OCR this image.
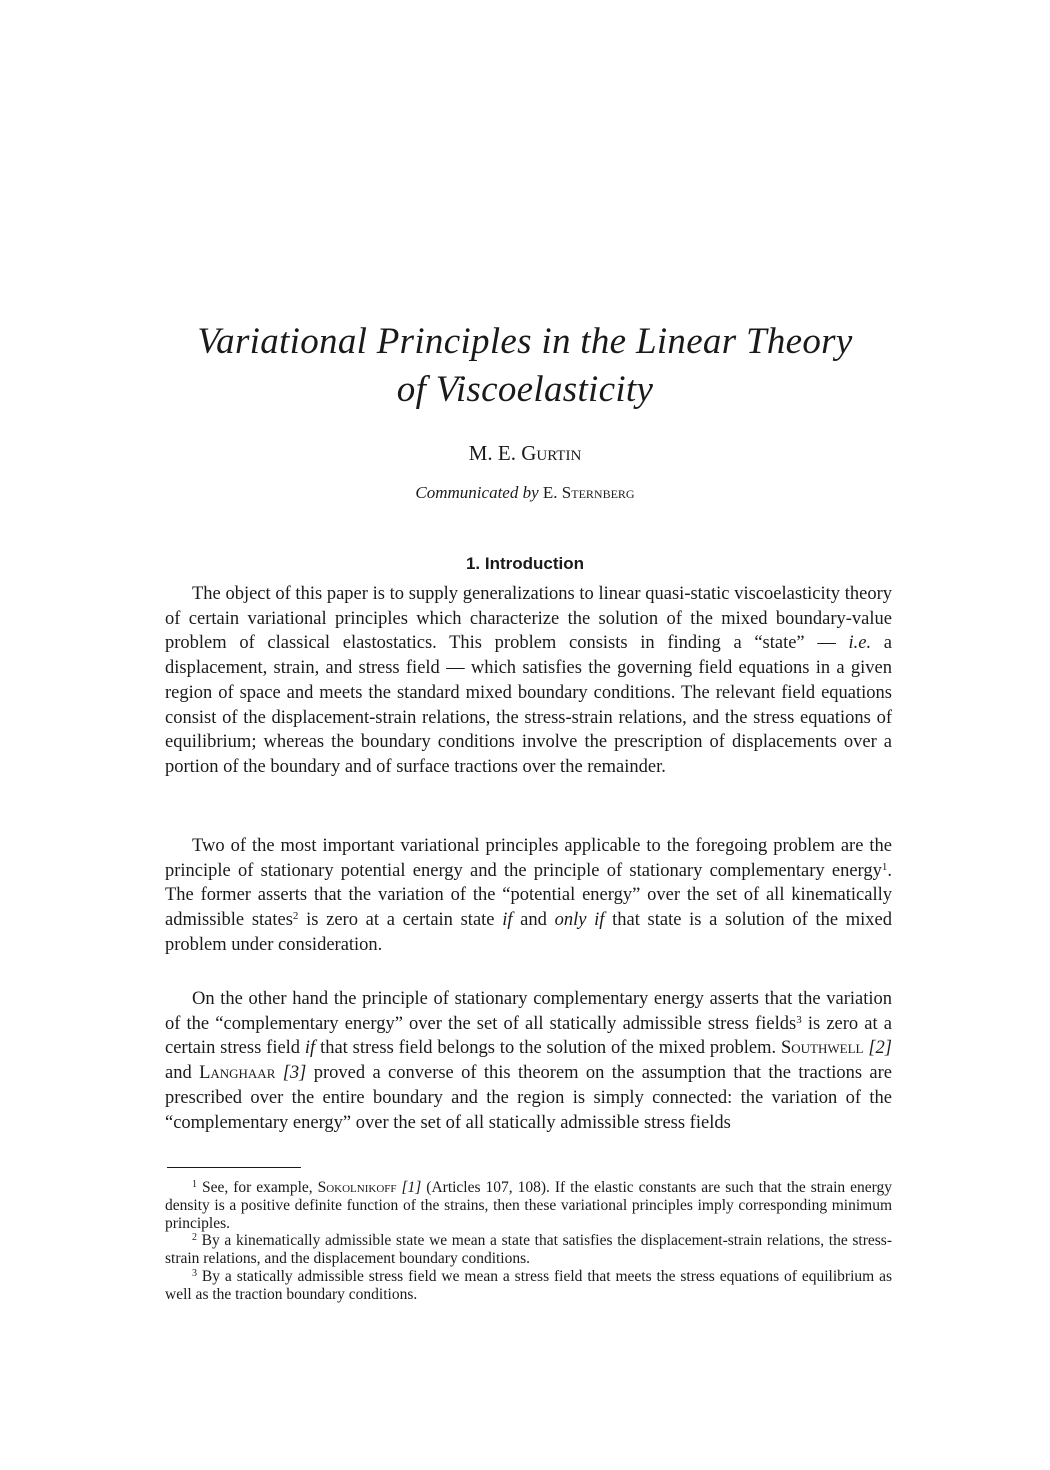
Variational Principles in the Linear Theory
of Viscoelasticity
M. E. Gurtin
Communicated by E. Sternberg
1. Introduction

The object of this paper is to supply generalizations to linear quasi-static viscoelasticity theory of certain variational principles which characterize the solution of the mixed boundary-value problem of classical elastostatics. This problem consists in finding a “state” — i.e. a displacement, strain, and stress field — which satisfies the governing field equations in a given region of space and meets the standard mixed boundary conditions. The relevant field equations consist of the displacement-strain relations, the stress-strain relations, and the stress equations of equilibrium; whereas the boundary conditions involve the prescription of displacements over a portion of the boundary and of surface tractions over the remainder.

Two of the most important variational principles applicable to the foregoing problem are the principle of stationary potential energy and the principle of stationary complementary energy$^1$. The former asserts that the variation of the “potential energy” over the set of all kinematically admissible states$^2$ is zero at a certain state if and only if that state is a solution of the mixed problem under consideration.

On the other hand the principle of stationary complementary energy asserts that the variation of the “complementary energy” over the set of all statically admissible stress fields$^3$ is zero at a certain stress field if that stress field belongs to the solution of the mixed problem. Southwell [2] and Langhaar [3] proved a converse of this theorem on the assumption that the tractions are prescribed over the entire boundary and the region is simply connected: the variation of the “complementary energy” over the set of all statically admissible stress fields

$^1$ See, for example, Sokolnikoff [1] (Articles 107, 108). If the elastic constants are such that the strain energy density is a positive definite function of the strains, then these variational principles imply corresponding minimum principles.

$^2$ By a kinematically admissible state we mean a state that satisfies the displacement-strain relations, the stress-strain relations, and the displacement boundary conditions.

$^3$ By a statically admissible stress field we mean a stress field that meets the stress equations of equilibrium as well as the traction boundary conditions.
